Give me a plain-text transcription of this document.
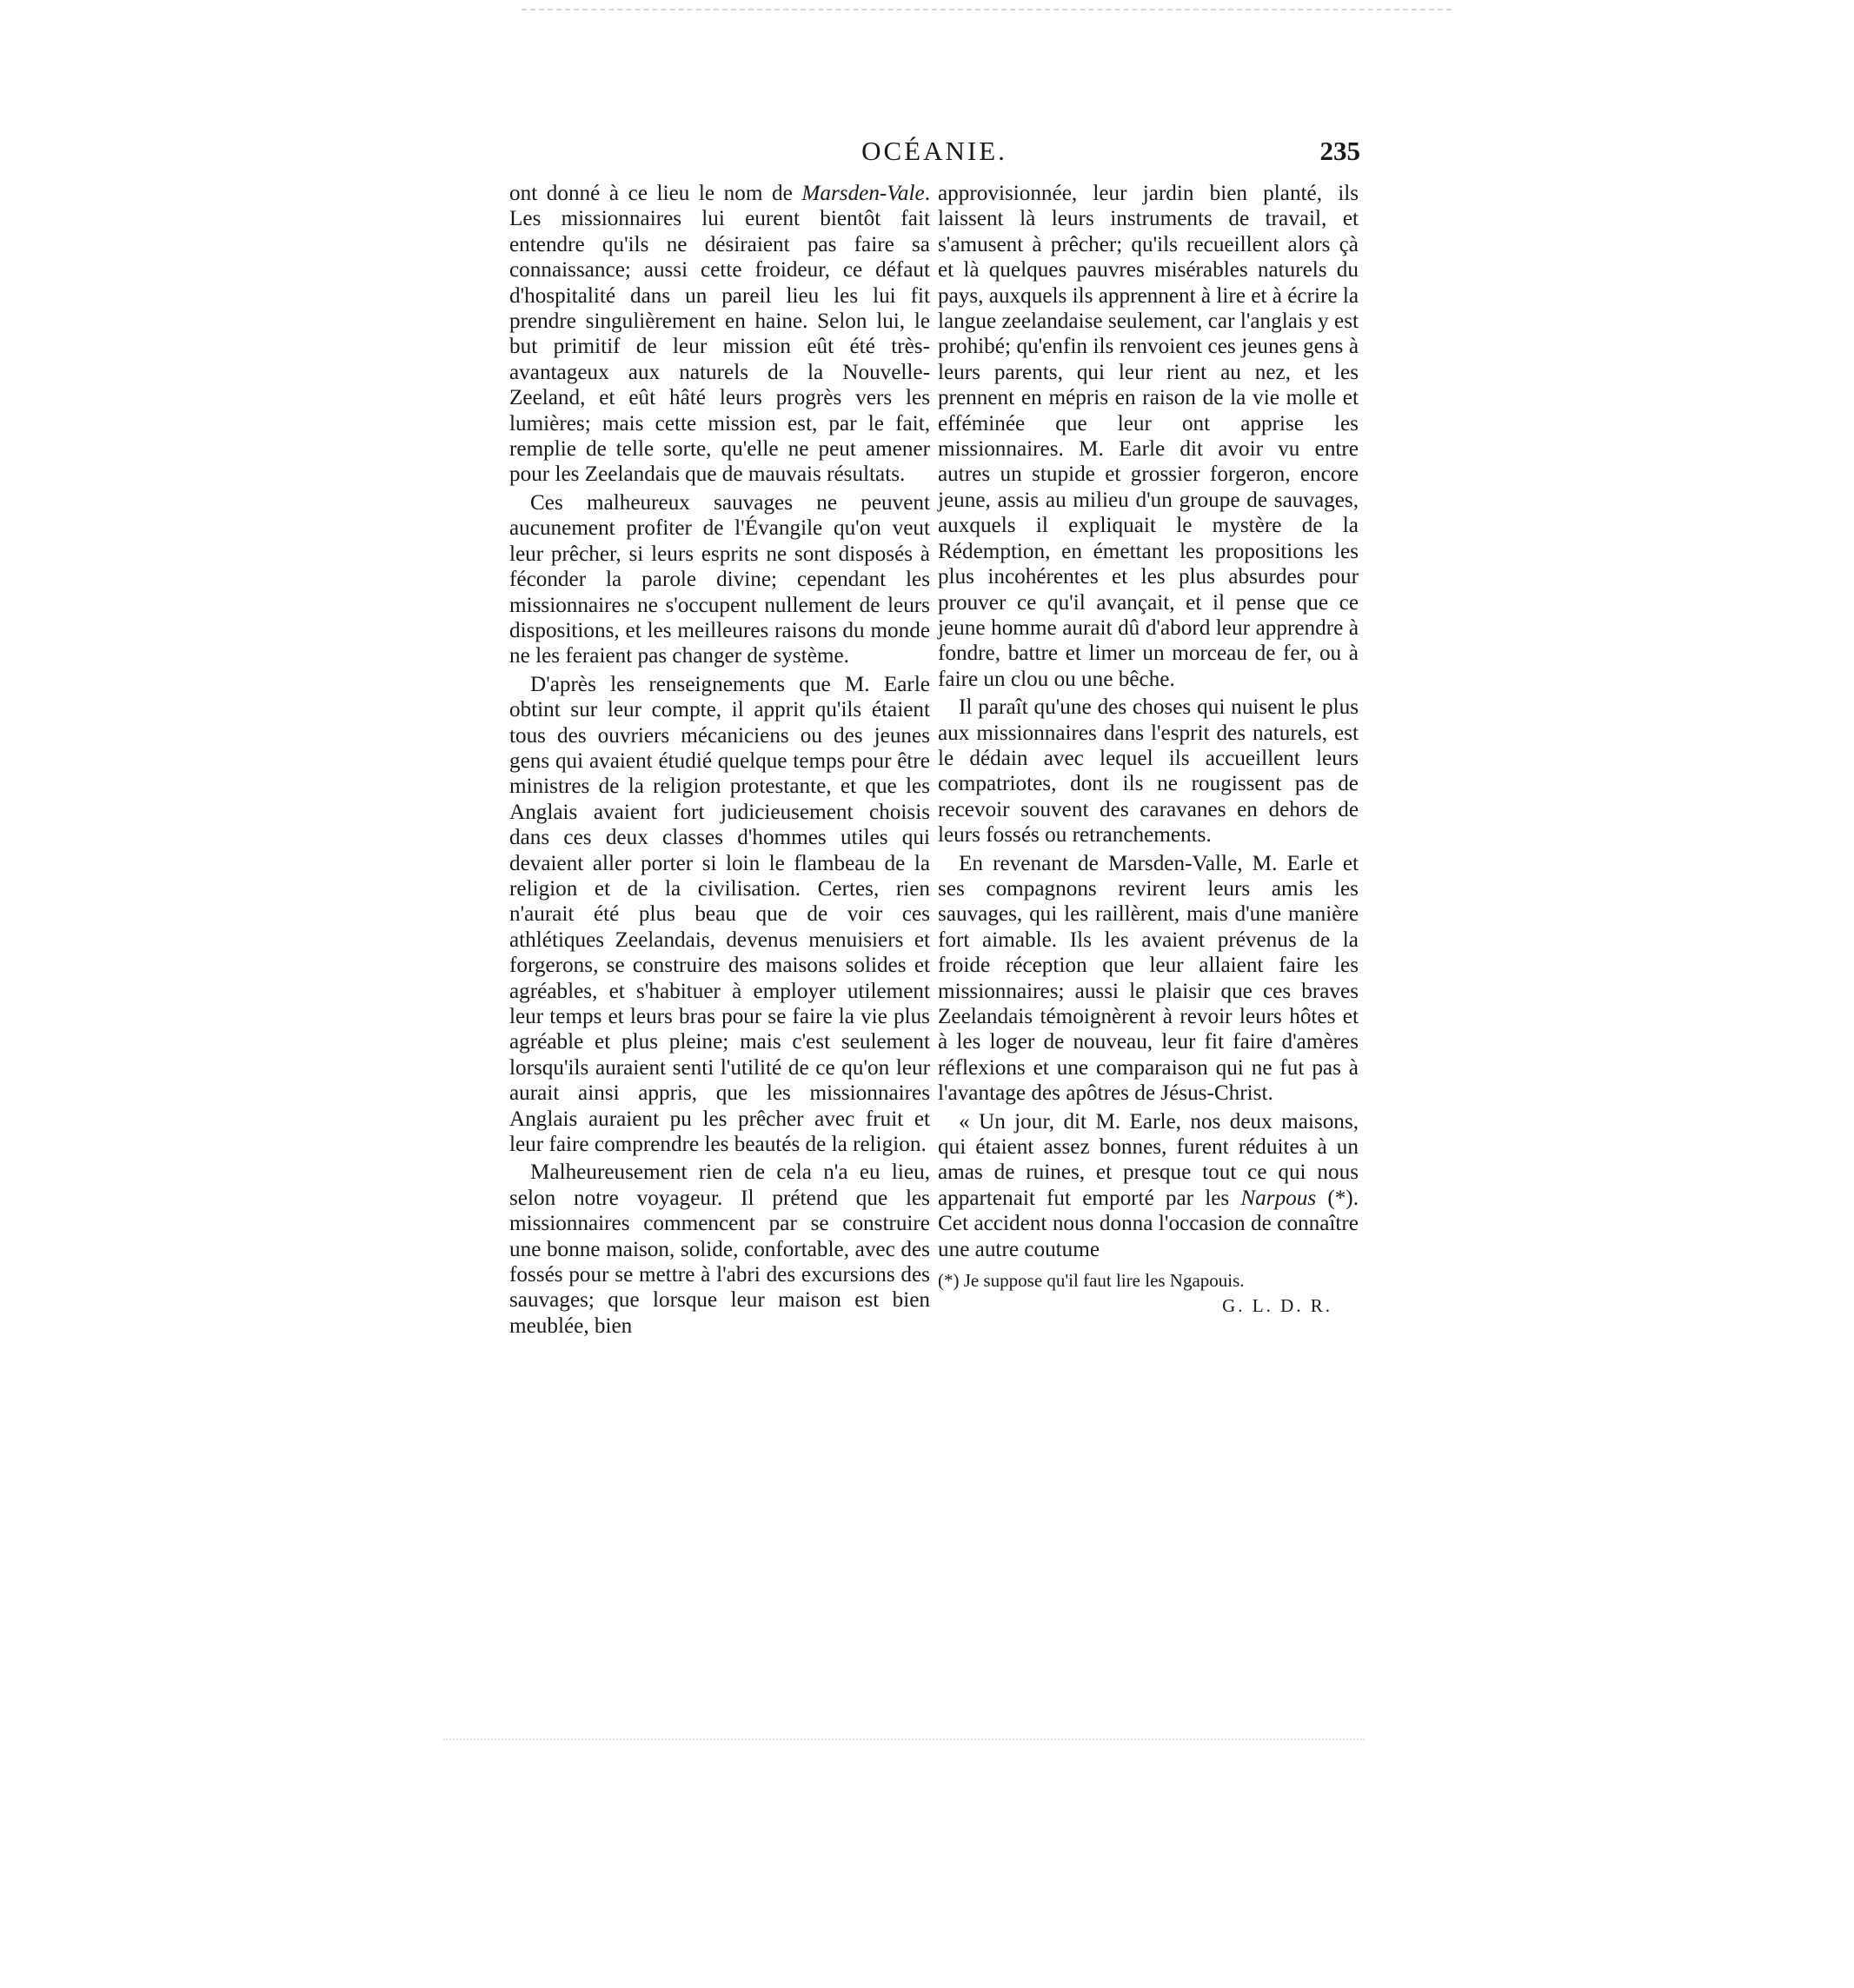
OCÉANIE.	235

ont donné à ce lieu le nom de Marsden-Vale. Les missionnaires lui eurent bientôt fait entendre qu'ils ne désiraient pas faire sa connaissance; aussi cette froideur, ce défaut d'hospitalité dans un pareil lieu les lui fit prendre singulièrement en haine. Selon lui, le but primitif de leur mission eût été très-avantageux aux naturels de la Nouvelle-Zeeland, et eût hâté leurs progrès vers les lumières; mais cette mission est, par le fait, remplie de telle sorte, qu'elle ne peut amener pour les Zeelandais que de mauvais résultats.

Ces malheureux sauvages ne peuvent aucunement profiter de l'Évangile qu'on veut leur prêcher, si leurs esprits ne sont disposés à féconder la parole divine; cependant les missionnaires ne s'occupent nullement de leurs dispositions, et les meilleures raisons du monde ne les feraient pas changer de système.

D'après les renseignements que M. Earle obtint sur leur compte, il apprit qu'ils étaient tous des ouvriers mécaniciens ou des jeunes gens qui avaient étudié quelque temps pour être ministres de la religion protestante, et que les Anglais avaient fort judicieusement choisis dans ces deux classes d'hommes utiles qui devaient aller porter si loin le flambeau de la religion et de la civilisation. Certes, rien n'aurait été plus beau que de voir ces athlétiques Zeelandais, devenus menuisiers et forgerons, se construire des maisons solides et agréables, et s'habituer à employer utilement leur temps et leurs bras pour se faire la vie plus agréable et plus pleine; mais c'est seulement lorsqu'ils auraient senti l'utilité de ce qu'on leur aurait ainsi appris, que les missionnaires Anglais auraient pu les prêcher avec fruit et leur faire comprendre les beautés de la religion.

Malheureusement rien de cela n'a eu lieu, selon notre voyageur. Il prétend que les missionnaires commencent par se construire une bonne maison, solide, confortable, avec des fossés pour se mettre à l'abri des excursions des sauvages; que lorsque leur maison est bien meublée, bien

approvisionnée, leur jardin bien planté, ils laissent là leurs instruments de travail, et s'amusent à prêcher; qu'ils recueillent alors çà et là quelques pauvres misérables naturels du pays, auxquels ils apprennent à lire et à écrire la langue zeelandaise seulement, car l'anglais y est prohibé; qu'enfin ils renvoient ces jeunes gens à leurs parents, qui leur rient au nez, et les prennent en mépris en raison de la vie molle et efféminée que leur ont apprise les missionnaires. M. Earle dit avoir vu entre autres un stupide et grossier forgeron, encore jeune, assis au milieu d'un groupe de sauvages, auxquels il expliquait le mystère de la Rédemption, en émettant les propositions les plus incohérentes et les plus absurdes pour prouver ce qu'il avançait, et il pense que ce jeune homme aurait dû d'abord leur apprendre à fondre, battre et limer un morceau de fer, ou à faire un clou ou une bêche.

Il paraît qu'une des choses qui nuisent le plus aux missionnaires dans l'esprit des naturels, est le dédain avec lequel ils accueillent leurs compatriotes, dont ils ne rougissent pas de recevoir souvent des caravanes en dehors de leurs fossés ou retranchements.

En revenant de Marsden-Valle, M. Earle et ses compagnons revirent leurs amis les sauvages, qui les raillèrent, mais d'une manière fort aimable. Ils les avaient prévenus de la froide réception que leur allaient faire les missionnaires; aussi le plaisir que ces braves Zeelandais témoignèrent à revoir leurs hôtes et à les loger de nouveau, leur fit faire d'amères réflexions et une comparaison qui ne fut pas à l'avantage des apôtres de Jésus-Christ.

« Un jour, dit M. Earle, nos deux maisons, qui étaient assez bonnes, furent réduites à un amas de ruines, et presque tout ce qui nous appartenait fut emporté par les Narpous (*). Cet accident nous donna l'occasion de connaître une autre coutume

(*) Je suppose qu'il faut lire les Ngapouis.

G. L. D. R.
